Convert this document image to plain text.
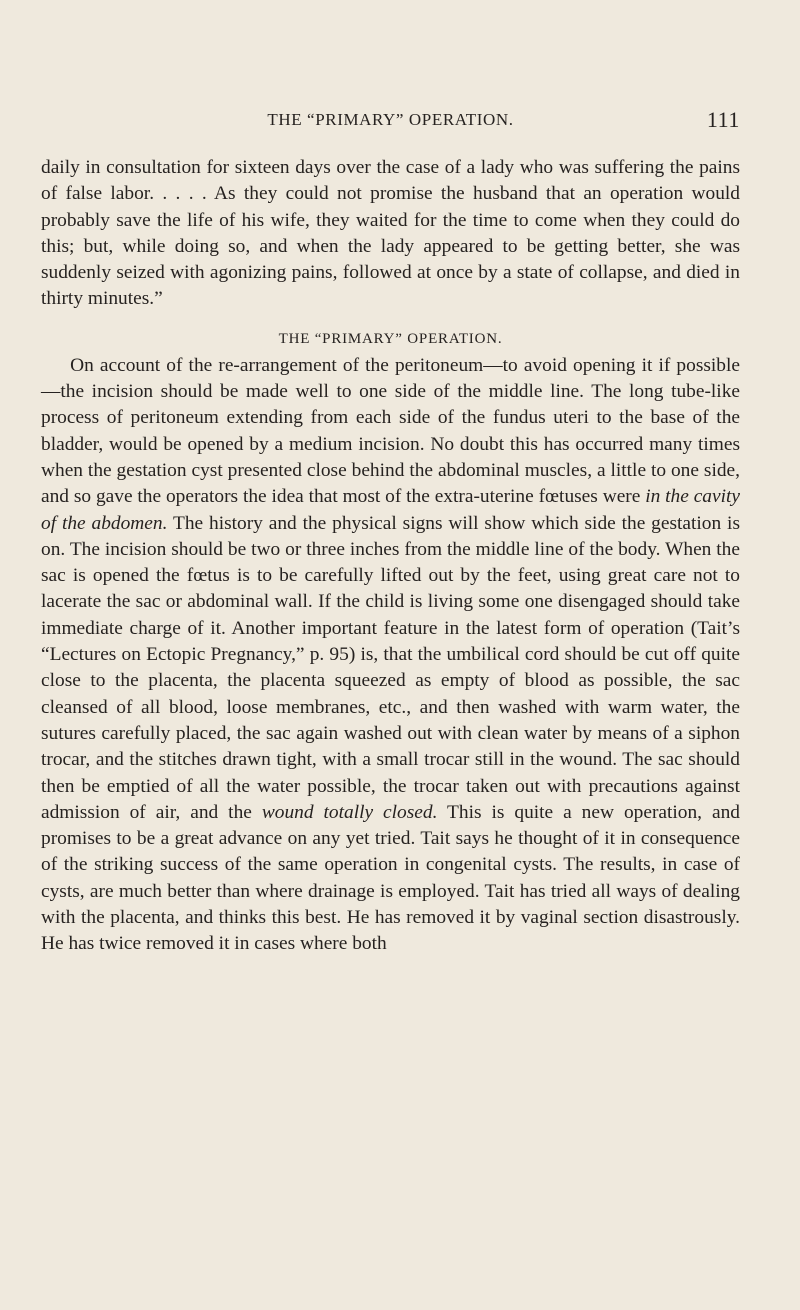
THE “PRIMARY” OPERATION.	111

daily in consultation for sixteen days over the case of a lady who was suffering the pains of false labor. . . . . As they could not promise the husband that an operation would probably save the life of his wife, they waited for the time to come when they could do this; but, while doing so, and when the lady appeared to be getting better, she was suddenly seized with agonizing pains, followed at once by a state of collapse, and died in thirty minutes.”

THE “PRIMARY” OPERATION.

On account of the re-arrangement of the peritoneum—to avoid opening it if possible—the incision should be made well to one side of the middle line. The long tube-like process of peritoneum extending from each side of the fundus uteri to the base of the bladder, would be opened by a medium incision. No doubt this has occurred many times when the gestation cyst presented close behind the abdominal muscles, a little to one side, and so gave the operators the idea that most of the extra-uterine fœtuses were in the cavity of the abdomen. The history and the physical signs will show which side the gestation is on. The incision should be two or three inches from the middle line of the body. When the sac is opened the fœtus is to be carefully lifted out by the feet, using great care not to lacerate the sac or abdominal wall. If the child is living some one disengaged should take immediate charge of it. Another important feature in the latest form of operation (Tait’s “Lectures on Ectopic Pregnancy,” p. 95) is, that the umbilical cord should be cut off quite close to the placenta, the placenta squeezed as empty of blood as possible, the sac cleansed of all blood, loose membranes, etc., and then washed with warm water, the sutures carefully placed, the sac again washed out with clean water by means of a siphon trocar, and the stitches drawn tight, with a small trocar still in the wound. The sac should then be emptied of all the water possible, the trocar taken out with precautions against admission of air, and the wound totally closed. This is quite a new operation, and promises to be a great advance on any yet tried. Tait says he thought of it in consequence of the striking success of the same operation in congenital cysts. The results, in case of cysts, are much better than where drainage is employed. Tait has tried all ways of dealing with the placenta, and thinks this best. He has removed it by vaginal section disastrously. He has twice removed it in cases where both
